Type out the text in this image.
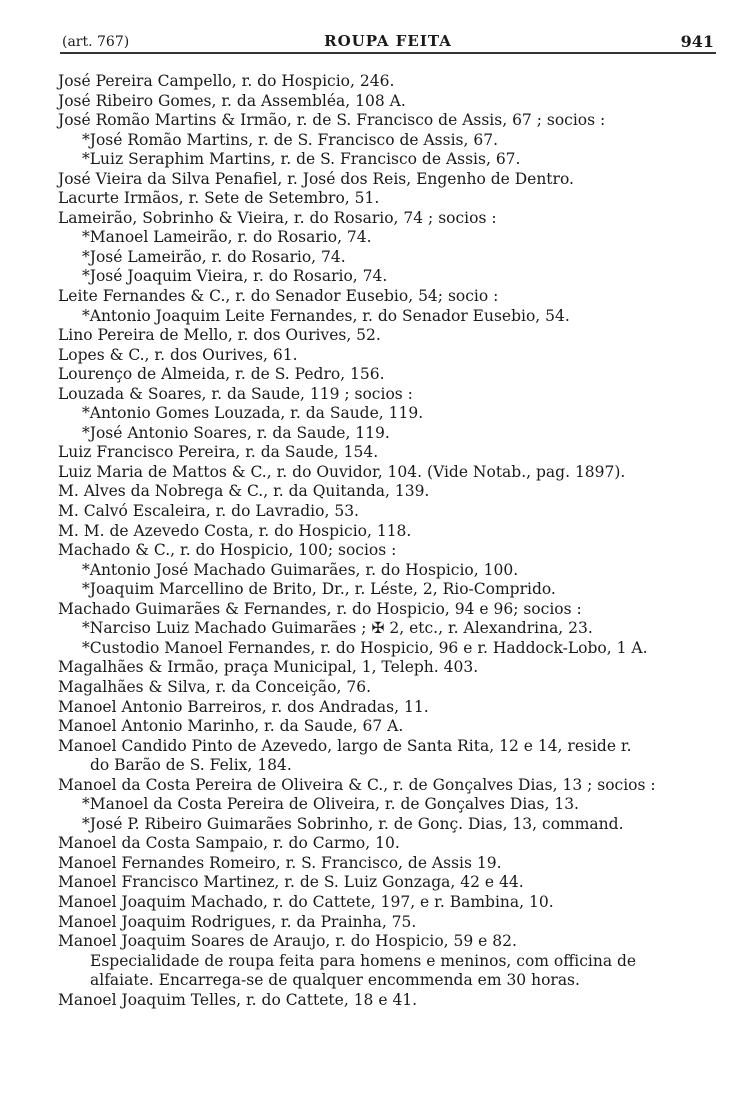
(art. 767)	ROUPA FEITA	941
José Pereira Campello, r. do Hospicio, 246.
José Ribeiro Gomes, r. da Assembléa, 108 A.
José Romão Martins & Irmão, r. de S. Francisco de Assis, 67 ; socios :
*José Romão Martins, r. de S. Francisco de Assis, 67.
*Luiz Seraphim Martins, r. de S. Francisco de Assis, 67.
José Vieira da Silva Penafiel, r. José dos Reis, Engenho de Dentro.
Lacurte Irmãos, r. Sete de Setembro, 51.
Lameirão, Sobrinho & Vieira, r. do Rosario, 74 ; socios :
*Manoel Lameirão, r. do Rosario, 74.
*José Lameirão, r. do Rosario, 74.
*José Joaquim Vieira, r. do Rosario, 74.
Leite Fernandes & C., r. do Senador Eusebio, 54; socio :
*Antonio Joaquim Leite Fernandes, r. do Senador Eusebio, 54.
Lino Pereira de Mello, r. dos Ourives, 52.
Lopes & C., r. dos Ourives, 61.
Lourenço de Almeida, r. de S. Pedro, 156.
Louzada & Soares, r. da Saude, 119 ; socios :
*Antonio Gomes Louzada, r. da Saude, 119.
*José Antonio Soares, r. da Saude, 119.
Luiz Francisco Pereira, r. da Saude, 154.
Luiz Maria de Mattos & C., r. do Ouvidor, 104. (Vide Notab., pag. 1897).
M. Alves da Nobrega & C., r. da Quitanda, 139.
M. Calvó Escaleira, r. do Lavradio, 53.
M. M. de Azevedo Costa, r. do Hospicio, 118.
Machado & C., r. do Hospicio, 100; socios :
*Antonio José Machado Guimarães, r. do Hospicio, 100.
*Joaquim Marcellino de Brito, Dr., r. Léste, 2, Rio-Comprido.
Machado Guimarães & Fernandes, r. do Hospicio, 94 e 96; socios :
*Narciso Luiz Machado Guimarães ; ✠ 2, etc., r. Alexandrina, 23.
*Custodio Manoel Fernandes, r. do Hospicio, 96 e r. Haddock-Lobo, 1 A.
Magalhães & Irmão, praça Municipal, 1, Teleph. 403.
Magalhães & Silva, r. da Conceição, 76.
Manoel Antonio Barreiros, r. dos Andradas, 11.
Manoel Antonio Marinho, r. da Saude, 67 A.
Manoel Candido Pinto de Azevedo, largo de Santa Rita, 12 e 14, reside r.
do Barão de S. Felix, 184.
Manoel da Costa Pereira de Oliveira & C., r. de Gonçalves Dias, 13 ; socios :
*Manoel da Costa Pereira de Oliveira, r. de Gonçalves Dias, 13.
*José P. Ribeiro Guimarães Sobrinho, r. de Gonç. Dias, 13, command.
Manoel da Costa Sampaio, r. do Carmo, 10.
Manoel Fernandes Romeiro, r. S. Francisco, de Assis 19.
Manoel Francisco Martinez, r. de S. Luiz Gonzaga, 42 e 44.
Manoel Joaquim Machado, r. do Cattete, 197, e r. Bambina, 10.
Manoel Joaquim Rodrigues, r. da Prainha, 75.
Manoel Joaquim Soares de Araujo, r. do Hospicio, 59 e 82.
Especialidade de roupa feita para homens e meninos, com officina de
alfaiate. Encarrega-se de qualquer encommenda em 30 horas.
Manoel Joaquim Telles, r. do Cattete, 18 e 41.
